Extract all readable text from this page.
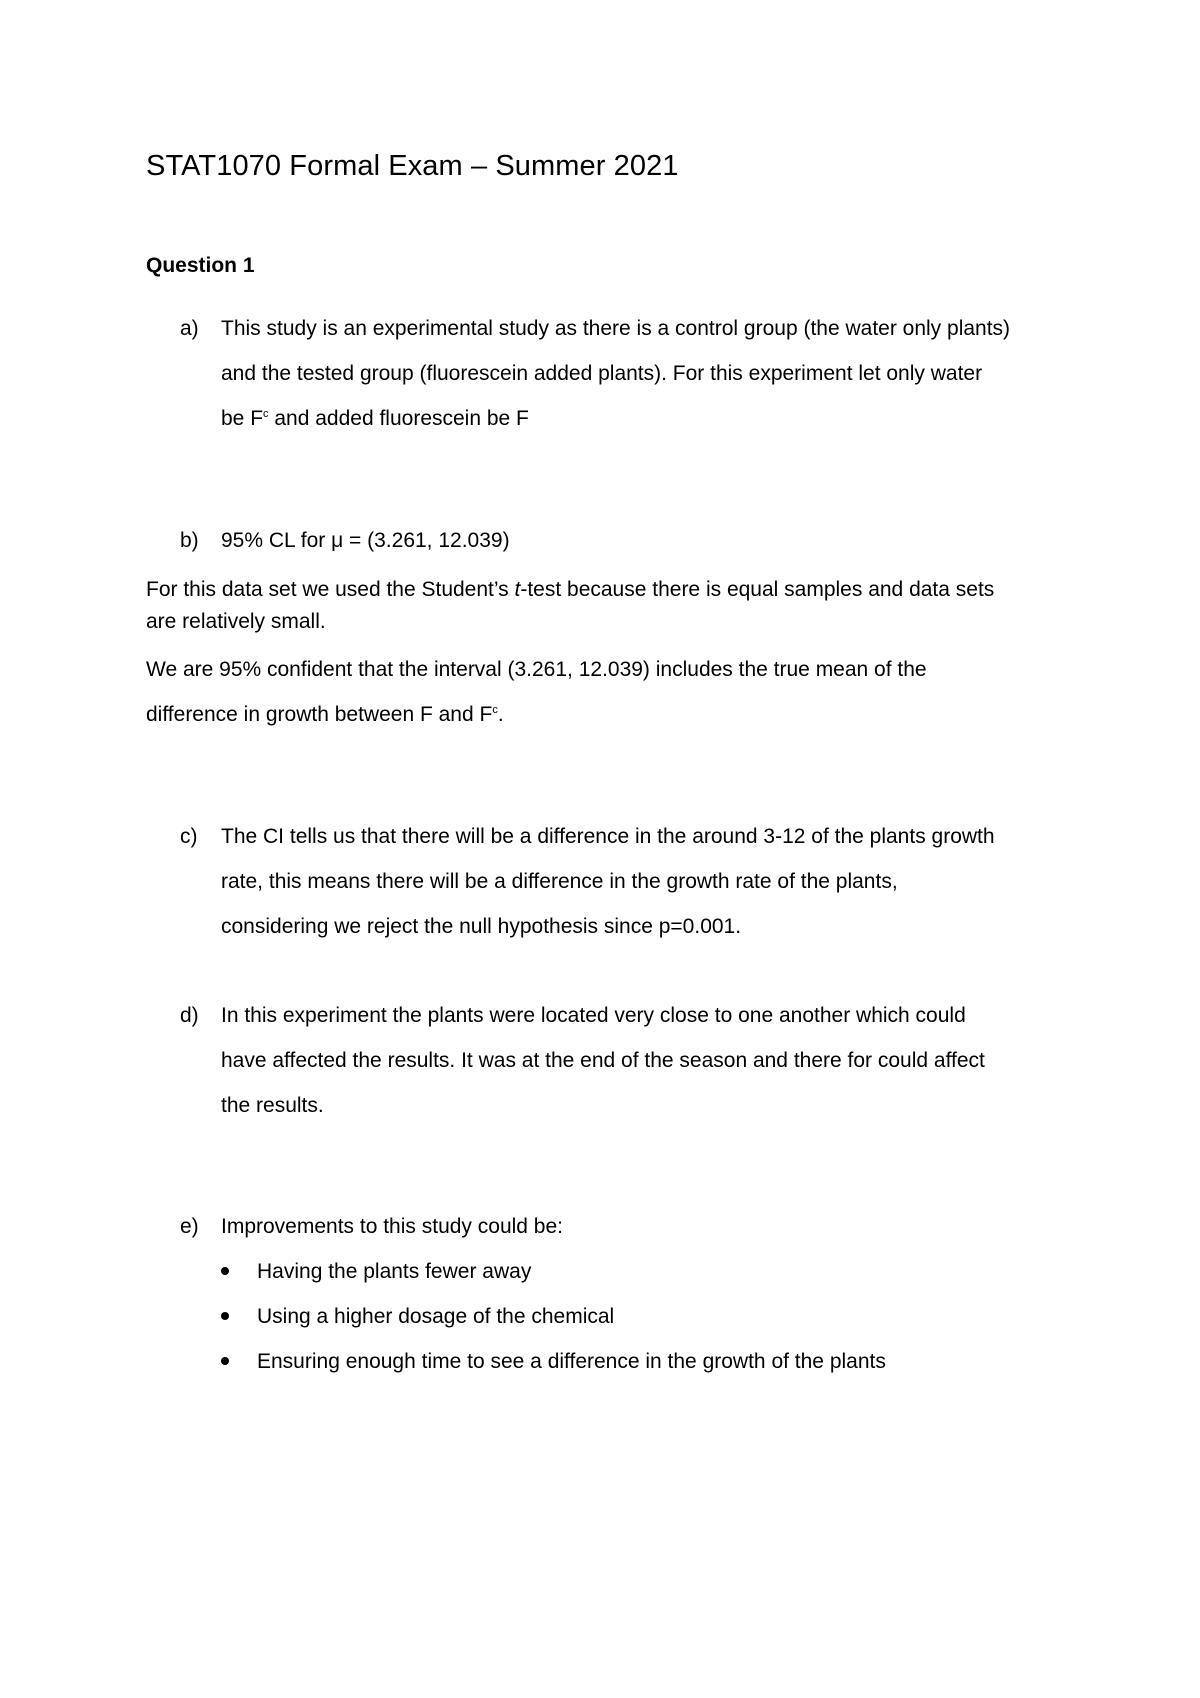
STAT1070 Formal Exam – Summer 2021
Question 1
a) This study is an experimental study as there is a control group (the water only plants)
and the tested group (fluorescein added plants). For this experiment let only water
be $F^c$ and added fluorescein be F
b) 95% CL for μ = (3.261, 12.039)
For this data set we used the Student’s t-test because there is equal samples and data sets
are relatively small.
We are 95% confident that the interval (3.261, 12.039) includes the true mean of the
difference in growth between F and $F^c$.
c) The CI tells us that there will be a difference in the around 3-12 of the plants growth
rate, this means there will be a difference in the growth rate of the plants,
considering we reject the null hypothesis since p=0.001.
d) In this experiment the plants were located very close to one another which could
have affected the results. It was at the end of the season and there for could affect
the results.
e) Improvements to this study could be:
Having the plants fewer away
Using a higher dosage of the chemical
Ensuring enough time to see a difference in the growth of the plants
